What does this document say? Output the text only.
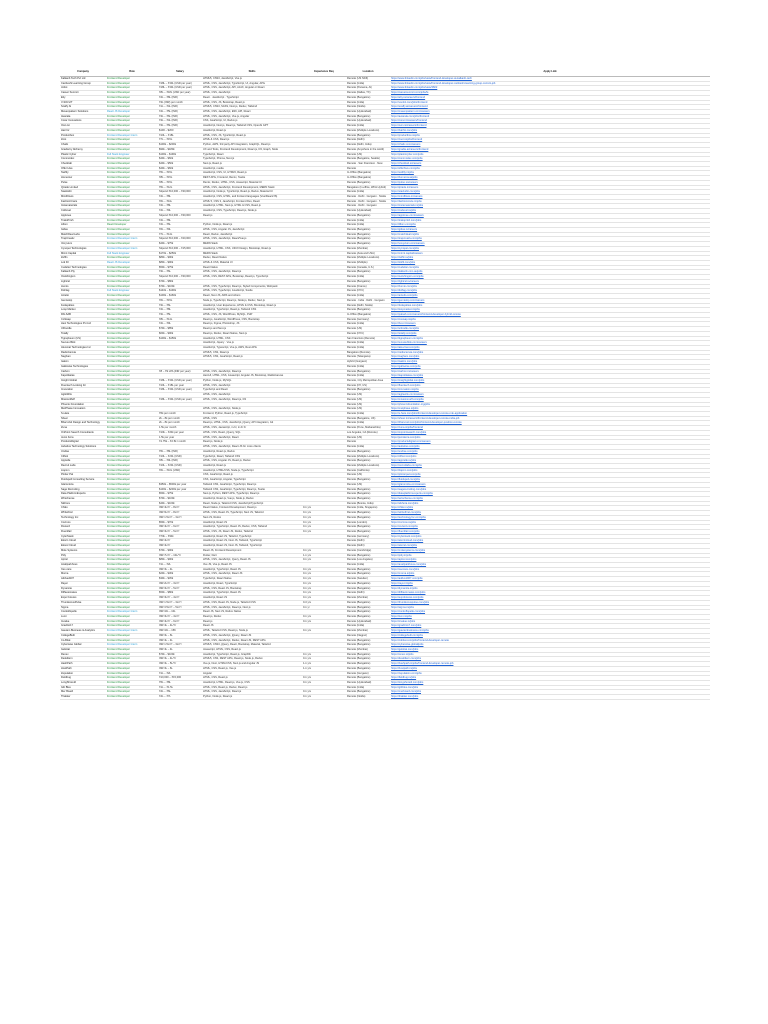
Company	Role	Salary	Skills	Experience Req	Location	Apply Link
Kalkanb Tech Pvt Ltd	Frontend Developer		HTML5, CSS3, JavaScript, Vue.js		Remote (US Shift)	https://www.linkedin.com/jobs/view/frontend-developer-at-kalkanb-tech
Canbeshi Learning Group	Frontend Developer	₹18L – ₹30L (USD per year)	HTML, CSS, JavaScript, TypeScript, UI, Angular, APIs		Remote (India)	https://www.linkedin.com/jobs/view/frontend-developer-canbeshi-learning-group-current-job
Jobot	Frontend Developer	₹18L – ₹30L (USD per year)	HTML, CSS, JavaScript, API, AJAX, Angular or React		Remote (Panama, Al)	https://www.linkedin.com/jobs/view/3822
Career Summit	Frontend Developer	₹8L – ₹18L (USD per year)	HTML, CSS, JavaScript		Remote (Dallas, TX)	https://careersummit.com/jobs/fe
Eby	Frontend Developer	₹4L – ₹8L (INR)	React · JavaScript · TypeScript		Remote (Bangalore)	https://eby.io/careers/frontend
V-SOLVIT	Frontend Developer	₹3L (INR) per month	HTML, CSS, JS, Bootstrap, React.js		Remote (India)	https://vsolvit.com/jobs/frontend
Scaffy AI	Frontend Developer	₹1L – ₹4L (INR)	HTML5, CSS3, SASS, Next.js, Redux, Tailwind		Remote (Noida)	https://scaffy.ai/careers/frontend
Mavenpattern Solutions	React JS Developer	₹4L – ₹5L (INR)	HTML, CSS, JavaScript, ES6, API, React		Remote (Hyderabad)	https://mavenpattern.com/careers
Awarala	Frontend Developer	₹3L – ₹6L (INR)	HTML, CSS, JavaScript, Vue.js, Angular		Remote (Bangalore)	https://awarala.com/jobs/frontend
Corar Innovations	Frontend Developer	₹3L – ₹4L (INR)	CSS, JavaScript, UI, Redux.js		Remote (Hyderabad)	https://corar.in/careers/frontend
Own.ist	Frontend Developer	₹3L – ₹6L (INR)	JavaScript, Next.js, React.js, Tailwind CSS, OpenAI GPT		Remote (India)	https://own.ist/careers/frontend
Hair for	Frontend Developer	$100 – $200	JavaScript, React.js		Remote (Multiple Locations)	https://hairfor.com/jobs
Productbox	Frontend Developer Intern	₹10L – ₹18L	HTML, CSS, JS, TypeScript, React.js		Remote (Bangalore)	https://productbox.io/jobs
Zoot	Frontend Developer	₹7L – ₹15L	HTML & CSS, React.js		Remote (Delhi)	https://zoot.io/jobs/frontend
Chalix	Frontend Developer	$100k – $200k	Python, AWS, 3rd party API integration, GraphQL, React.js		Remote (Delhi, India)	https://chalix.com/careers
Gradia by Alchemy	Frontend Developer	$90k – $180k	UX and Tools, Frontend Development, React.js, D3, Graph, Node		Remote (Anywhere in the world)	https://gradia.ai/careers/frontend
Plastic Cyber	Full Stack Engineer	$100k – $190k	TypeScript, React		Remote (US)	https://plasticcyber.com/jobs
Commodex	Frontend Developer	$40k – $60k	TypeScript, Prisma, Next.js		Remote (Bangalore, Seattle)	https://commodex.com/jobs
Checktab	Frontend Developer	$40k – $50k	Next.js, React.js		Remote · San Francisco · New	https://checktab.io/careers
Offer Hive	Frontend Developer	$40k – $60k	JavaScript, media		Remote	https://offerhive.com/jobs
Swiftly	Frontend Developer	₹5L – ₹15L	JavaScript, CSS, UI, HTML5, React.js		In-Office (Bangalore)	https://swiftly.in/jobs
Homerow	Frontend Developer	₹8L – ₹15L	REST APIs, Frontend, Remix, Svelte		In-Office (Bangalore)	https://homerow.ai/jobs
Pulse	Frontend Developer	₹8L – ₹15L	Remix, Redux, HTML, CSS, Javascript, Material UI		Remote (Bangalore)	https://pulse.so/careers
Qtrade Limited	Frontend Developer	₹5L – ₹12L	HTML, CSS, JavaScript, Frontend Development, MERN Stack		Bangalore (In-office, WFH Hybrid)	https://qtrade.in/careers
Stacksbit	Frontend Developer	Stipend ₹10,000 – ₹30,000	JavaScript, Node.js, TypeScript, React.js, Redux, Material UI		Remote (India)	https://stacksbit.com/jobs
MindFlows	Frontend Developer	₹4L – ₹8L	JavaScript, CSS, HTML, and frontend languages (Vue/React/JS)		Remote · Delhi · Gurgaon · Noida	https://mindflows.in/careers
FashionCraze	Frontend Developer	₹6L – ₹11L	HTML 5, CSS 3, JavaScript, Frontend Dev, React		Remote · Delhi · Gurgaon · Noida	https://fashioncraze.in/jobs
Instamaterials	Frontend Developer	₹4L – ₹8L	JavaScript, HTML, Next.js, HTML & CSS, React.js		Remote · Delhi · Gurgaon	https://instamaterials.in/jobs
CoDevel	Frontend Developer	₹4L – ₹9L	JavaScript, CSS, TypeScript, React.js, Node.js		Remote (Hyderabad)	https://codevel.io/jobs
Appknee	Frontend Developer	Stipend ₹10,000 – ₹30,000	React.js		Remote (Bangalore)	https://appknee.com/careers
TrakoPrish	Frontend Developer	₹4L – ₹8L			Remote (India)	https://trakoprish.com/jobs
Lillom	React Developer	₹4L – ₹6L	Python, Node.js, React.js		Remote (India)	https://lillom.com/jobs
Gidas	Frontend Developer	₹6L – ₹9L	HTML, CSS, Angular JS, JavaScript		Remote (Bangalore)	https://gidas.in/careers
MatchDeal Labs	Frontend Developer	₹7L – ₹14L	React, Redux, JavaScript		Remote (Bangalore)	https://matchdeal.in/jobs
TrapCreativ	Frontend Developer Intern	Stipend ₹10,000 – ₹20,000	HTML, CSS, JavaScript, React/Vue.js		Remote (Bangalore)	https://trapcreativ.com/jobs
Voxyvium	Frontend Developer	$40k – $75k	MERN Stack		Remote (Bangalore)	https://voxyvium.com/careers
Cynopet Technologies	Frontend Developer Intern	Stipend ₹10,000 – ₹15,000	JavaScript, HTML, CSS, UI/UX Design, Bootstrap, React.js		Remote (Mumbai)	https://cynopet.com/jobs
Minnt Capital	Full Stack Engineer	$170k – $250k	MERN Stack		Remote (Asia and USA)	https://minnt.capital/careers
Zeffin	Frontend Developer	$80k – $90k	Redux, React Native		Remote (Multiple Locations)	https://zeffin.io/jobs
Lok Fil	React JS Developer	$80k – $90k	HTML & CSS, Material UI		Remote (Multiple)	https://lokfil.com/jobs
Cudelter Technologies	Frontend Developer	$50k – $75k	React Native		Remote (Canada, U.S.)	https://cudelter.com/jobs
Kalkanb Pty	Frontend Developer	₹3L – ₹6L	HTML, CSS, JavaScript, React.js		Remote (Bangalore)	https://kalkanb.com.au/jobs
Owishington	Frontend Developer	Stipend ₹10,000 – ₹30,000	HTML, CSS, REST APIs, Bootstrap, React.js, TypeScript		Remote (India)	https://owishington.com/jobs
Lightcel	Frontend Developer	$70k – $80k			Remote (Bangalore)	https://lightcel.io/careers
Humio	Frontend Developer	$70k – $100k	HTML, CSS, TypeScript, React.js, Styled Components, Webpack		Remote (France)	https://humio.com/jobs
DoFlag	Full Stack Engineer	$140k – $190k	HTML, CSS, TypeScript, JavaScript, Svelte		Remote (NYC)	https://doflag.com/jobs
Antelio	Frontend Developer	$100k – $160k	React, Next JS, AWS and others		Remote (India)	https://antelio.com/jobs
Gemtelop	Frontend Developer	₹6L – ₹15L	Node.js, TypeScript, React.js, Node.js, Redux, Next.js		Remote · India · Delhi · Gurgaon	https://gemtelop.com/careers
Fedayalites	Frontend Developer	₹3L – ₹6L	JavaScript, User Experience, HTML & CSS, Bootstrap, React.js		Remote (Delhi, Noida)	https://fedayalites.com/jobs
Loop Market	Frontend Developer	₹4L – ₹8L	JavaScript, TypeScript, React.js, Tailwind CSS		Remote (Bangalore)	https://loopmarket.in/jobs
PALSAB	Frontend Developer	₹3L – ₹5L	HTML, CSS, JS, WordPress, MySQL, PHP		In-Office (Bangalore)	https://palsab.com/careers/frontend-developer-hybrid-remote
CoSwap	Frontend Developer	₹8L – ₹14L	React.js, JavaScript, WordPress, CSS, Bootstrap		Remote (Germany)	https://coswap.io/jobs
Hexi Technologies Pvt Ltd	Frontend Developer	₹4L – ₹9L	React.js, Figma, Photoshop, JS		Remote (India)	https://hexi.in/careers
UIFoodle	Frontend Developer	$70k – $85k	React.js and Next.js		Remote (US)	https://uifoodle.com/jobs
Totally	Frontend Developer	$60k – $90k	React.js, Redux, React Native, Next.js		Remote (NYC)	https://totally.com/jobs
Tigrapheum (US)	Frontend Developer	$100k – $150k	JavaScript, HTML, CSS		San Francisco (Remote)	https://tigrapheum.com/jobs
Suvusu Blok	Frontend Developer		JavaScript, Jquery · Vue.js		Remote (India)	https://suvusublok.com/careers
Akuvinat Technologies Inc	Frontend Developer		JavaScript, Typescript, Vue.js, AWS, Rest APIs		Remote (India)	https://akuvinat.com/jobs
RadioCanvia	Frontend Developer		HTML5, CSS, React.js		Bangalore (Remote)	https://radiocanvia.com/jobs
Nagham	Frontend Developer		HTML5, CSS, JavaScript, React.js		Remote (Telangana)	https://nagham.com/jobs
Isakim	Frontend Developer				Hybrid (Gurgaon)	https://isakim.com/jobs
Gallowise Technologies	Frontend Developer				Remote (India)	https://gallowise.com/jobs
Carbon	Frontend Developer	₹8 – ₹9 LPA (INR per year)	HTML, CSS, JavaScript, React.js		Remote (Bangalore)	https://carbon.in/careers
Kapotikatas	Frontend Developer		HeroUI, HTML, CSS, Javascript, Angular JS, Bootstrap, RadioCanvas		Remote (India)	https://kapotikatas.com/jobs
Insight Global	Frontend Developer	₹18L – ₹30L (USD per year)	Python, Node.js, MySQL		Remote, City Metropolitan Area	https://insightglobal.com/jobs
Fluentech Looking for	Frontend Developer	₹10L – ₹18L per year	HTML, CSS, JavaScript		Remote (NY, US)	https://fluentech.com/jobs
Innovation	Frontend Developer	₹18L – ₹30L (USD per year)	TypeScript and React		Remote (Bangalore)	https://innovation.io/jobs
AgileWits	Frontend Developer		HTML, CSS, JavaScript		Remote (US)	https://agilewits.com/careers
MissionMeff	Frontend Developer	₹18L – ₹30L (USD per year)	HTML, CSS, JavaScript, React.js, D3		Remote (US)	https://missionmeff.com/jobs
Phoenix Foundation	Frontend Developer				Remote (US)	https://phoenixfoundation.org/jobs
MetPhase Innovation	Frontend Developer		HTML, CSS, JavaScript, Node.js		Remote (US)	https://metphase.io/jobs
S-Hare	Frontend Developer	₹5k per month	Frontend, Python, React.js, TypeScript		Remote (India)	https://s-hare.com/jobs/frontend-developer-remote-role-application
Sheer	Frontend Developer	2k – 8k per month	HTML, CSS		Remote (Bangalore, UK)	https://sheer.in/careers/frontend-developer-remote-india-job
BharvUsti Design and Technology	Frontend Developer	2k – 8k per month	React.js, HTML, CSS, JavaScript, jQuery, API integration, Git		Remote (India)	https://bharvusti.com/jobs/frontend-developer-position-remote
Zuna	Frontend Developer	1.5k per month	HTML, CSS, Javascript, in-hr, in-hr hr		Remote (Pune, Maharashtra)	https://zuna.io/jobs/frontend
OnPoint Search Consultants	Frontend Developer	₹10k – ₹20k per year	HTML, CSS, React, jQuery, SQL		Los Angeles, CA (Remote)	https://onpointsearch.com/jobs
Jenio Kora	Frontend Developer	1.5k per year	HTML, CSS, JavaScript, React		Remote (US)	https://jeniokora.com/jobs
ProductsDigital	Frontend Developer	₹1.75k – ₹2.5k / month	React.js, Node.js		Remote	https://productsdigital.com/careers
Aubelius Technology Solutions	Frontend Developer		HTML, CSS, JavaScript, React.JS for more clients		Remote (India)	https://aubelius.com/jobs
Undise	Frontend Developer	₹5L – ₹8L (INR)	JavaScript, React.js, Redux		Remote (Bangalore)	https://undise.com/jobs
Clifsol	Frontend Developer	₹10L – ₹20L (USD)	TypeScript, React, Tailwind CSS		Remote (Multiple Locations)	https://clifsol.com/jobs
Apptelle	Frontend Developer	₹8L – ₹9L (INR)	HTML, CSS, Angular JS, React.js, Redux		Remote (Bangalore)	https://apptelle.io/jobs
Recruit Labs	Frontend Developer	₹10L – ₹20L (USD)	JavaScript, React.js		Remote (Multiple Locations)	https://recruitlabs.com/jobs
Liqcom	Frontend Developer	₹6L – ₹10L (USD)	JavaScript, HTML/CSS, Node.js, TypeScript		Remote (California)	https://liqcom.com/jobs
Plotter Pal	Frontend Developer		CSS, JavaScript, React.js		Remote (US)	https://plotterpal.com/jobs
Fluidspell Consulting Service	Frontend Developer		CSS, JavaScript, Angular, TypeScript		Remote (Bangalore)	https://fluidspell.com/jobs
Glaromicia	Frontend Developer	$350k – $500k per year	Tailwind CSS, JavaScript, TypeScript, React.js		Remote (US)	https://glaromicia.com/careers
Sage Recruiting	Frontend Developer	$130k – $230k per year	Tailwind CSS, JavaScript, TypeScript, React.js, Svelte		Remote (Bangalore)	https://sagerecruiting.com/jobs
Data PlatformExperts	Frontend Developer	$50k – $75k	Next.js, Python, REST APIs, TypeScript, React.js		Remote (Bangalore)	https://dataplatformexperts.com/jobs
Wrischense	Frontend Developer	$70k – $100k	JavaScript, React.js, Vue.js, Node.js, Redux		Remote (Bangalore)	https://wrischense.com/jobs
Sikhora	Frontend Developer	$40k – $100k	React, Node.js, Tailwind CSS, JavaScript/TypeScript		Remote (Bosnia, India)	https://sikhora.com/jobs
Chiko	Frontend Developer	INR 4L/Yr – 8L/Yr	React Native, Frontend Development, React.js	0-1 yrs	Remote (India, Singapore)	https://chiko.in/jobs
Whitefirrel	Frontend Developer	INR 6L/Yr – 8L/Yr	HTML, CSS, React JS, TypeScript, Next JS, Tailwind	0-1 yrs	Remote (Bangalore)	https://whitefirrel.com/jobs
Technology Inc	Frontend Developer	INR 1.5L/Yr – 3L/Yr	Next.JS, Redux	0-1 yrs	Remote (Bangalore)	https://technologyinc.com/jobs
Cozmos	Frontend Developer	$50k – $70k	JavaScript, React JS	0-1 yrs	Remote (London)	https://cozmos.io/jobs
Rovierd	Frontend Developer	INR 4L/Yr – 6L/Yr	JavaScript, TypeScript, React JS, Redux, CSS, Tailwind	0-1 yrs	Remote (Bangalore)	https://rovierd.com/jobs
Fluenflair	Frontend Developer	INR 3L/Yr – 5L/Yr	HTML, CSS, JS, React JS, Redux, Tailwind	0-1 yrs	Remote (Bangalore)	https://fluenflair.com/jobs
CylerStack	Frontend Developer	₹70k – ₹90k	JavaScript, React JS, Tailwind, TypeScript		Remote (Germany)	https://cylerstack.com/jobs
Ekorin Cloud	Frontend Developer	INR 4L/Yr	JavaScript, React JS, Next JS, Tailwind, TypeScript		Remote (Delhi)	https://ekorincloud.com/jobs
Ekorel Cloud	Frontend Developer	INR 4L/Yr	JavaScript, React JS, Next JS, Tailwind, TypeScript		Remote (Delhi)	https://ekorel.com/jobs
Mole Systems	Frontend Developer	$70k – $90k	React JS, Frontend Development	0-1 yrs	Remote (Cambridge)	https://molesystems.com/jobs
Pidy	Frontend Developer	INR 7L/Yr – 10L/Yr	Flutter, Dart	1-1 yrs	Remote (Bangalore)	https://pidy.in/jobs
Aptrel	Frontend Developer	$80k – $90k	HTML, CSS, JavaScript, Query, React JS	0-1 yrs	Remote (Los Angeles)	https://aptrel.com/jobs
Analiparkhous	Frontend Developer	₹1L – ₹2L	Vue JS, Vue.js, React JS		Remote (India)	https://analiparkhous.com/jobs
Xeo care	Frontend Developer	INR 3L – 4L	JavaScript, TypeScript, React JS	0-1 yrs	Remote (Bangalore)	https://xeocare.com/jobs
Morna	Frontend Developer	$20k – $30k	HTML, CSS, JavaScript, React JS	0-1 yrs	Remote (Bangalore)	https://morna.io/jobs
Addvedit07	Frontend Developer	$30k – $45k	TypeScript, React Native	0-1 yrs	Remote (Sweden)	https://addvedit07.com/jobs
Rayer	Frontend Developer	INR 2L/Yr – 3L/Yr	JavaScript, React, TypeScript	0-1 yrs	Remote (Bangalore)	https://rayer.in/jobs
Dynamite	Frontend Developer	INR 3L/Yr – 5L/Yr	HTML, CSS, React JS, Bootstrap	0-1 yrs	Remote (Bangalore)	https://dynamite.in/jobs
Diffautomates	Frontend Developer	$50k – $80k	JavaScript, TypeScript, React JS	0-1 yrs	Remote (Delhi)	https://diffautomates.com/jobs
Expo Futures	Frontend Developer	INR 3L/Yr – 4L/Yr	JavaScript, React JS	0-1 yrs	Remote (Mumbai)	https://expofutures.com/jobs
ThunderousPulse	Frontend Developer	INR 1.5L/Yr – 3L/Yr	HTML, CSS, React JS, Node.js, Tailwind CSS	0-3 yrs	Remote (Bangalore)	https://thunderouspulse.com/jobs
Sigma	Frontend Developer	INR 3.5L/Yr – 5L/Yr	HTML, CSS, JavaScript, React.js, Next.js	0-1 yr	Remote (Bangalore)	https://sigma.in/jobs
Conkoflopelle	Frontend Developer Intern	INR 10L – 10L	React JS, Next JS, Redux Native		Remote (Bangalore)	https://conkoflopelle.com/jobs
Lumi	Frontend Developer	INR 3L/Yr – 4L/Yr	React.js, Redux	0-1 yrs	Remote (Bangalore)	https://lumi.io/jobs
Invalue	Frontend Developer	INR 4L/Yr – 6L/Yr	React.js	0-1 yrs	Remote (Hyderabad)	https://invalue.in/jobs
Gradzio17	Frontend Developer	INR 4L – 4L/Yr	React JS		Remote (India)	https://gradzio17.com/jobs
Gautam Business & Analytics	Frontend Developer Intern	INR 10L – 15K	HTML, Tailwind CSS, React.js, Node.js	0-1 yrs	Remote (Mumbai)	https://gautambusiness.com/jobs
CollegeBuilt	Frontend Developer	INR 3L – 6L	HTML, CSS, JavaScript, jQuery, React JS		Remote (Nagpur)	https://collegebuilt.com/jobs
Co-Bitat	Frontend Developer	INR 4L – 4L	HTML, CSS, JavaScript, Redux, React JS, REST APIs		Remote (Bangalore)	https://cobitat.com/jobs/frontend-developer-remote
Cyberwise Global	Frontend Developer Intern	INR 1.5L/Yr – 3L/Yr	HTML5, CSS3, jQuery, React, Bootstrap, Material, Tailwind		Remote (Bangalore)	https://cyberwise.global/jobs
Gelsttat	Frontend Developer	INR 4L – 4L	Javascript, HTML, CSS, React.js		Remote (Mumbai)	https://gelsttat.com/jobs
Renex	Frontend Developer	$70k – $100k	JavaScript, TypeScript, React.js, Graphlib	0-1 yrs	Remote (Bangalore)	https://renex.io/jobs
Deskiltern	Frontend Developer	INR 3L – 4L/Yr	HTML5, CSS, REST APIs, React.js, Node.js, Redux	0-1 yrs	Remote (Bangalore)	https://deskiltern.com/jobs
HashPath	Frontend Developer	INR 3L – 5L/Yr	Vue.js, Nuxt, HTML/CSS, Nuxt.js and Angular JS	1-1 yrs	Remote (Bangalore)	https://hashpath.in/jobs/frontend-developer-remote-job
HostPath	Frontend Developer	INR 3L – 6L	HTML, CSS, React.js, Vue.js	1-1 yrs	Remote (Bangalore)	https://hostpath.in/jobs
Zepulation	Frontend Developer	₹1L – ₹2L	Angular		Remote (Gurgaon)	https://zepulation.com/jobs
Fieldbug	Frontend Developer	₹10,000 – ₹15,000	HTML, CSS, React.js	0-1 yrs	Remote (Bangalore)	https://fieldbug.in/jobs
LongShoreId	Frontend Developer	₹5L – ₹8L	JavaScript, HTML, React.js, Vue.js, CSS	0-1 yrs	Remote (Hyderabad)	https://longshoreid.com/jobs
Gib Bles	Frontend Developer	₹1L – ₹1.5L	HTML, CSS, React.js, Redux, React.js		Remote (India)	https://gibbles.com/jobs
Mer Board	Frontend Developer	₹4L – ₹6L	HTML, CSS, JavaScript, React.js	0-1 yrs	Remote (Bangalore)	https://merboard.com/jobs
Thakker	Frontend Developer	₹4L – ₹7L	Python, Node.js, React.js	0-1 yrs	Remote (Noida)	https://thakker.com/jobs
